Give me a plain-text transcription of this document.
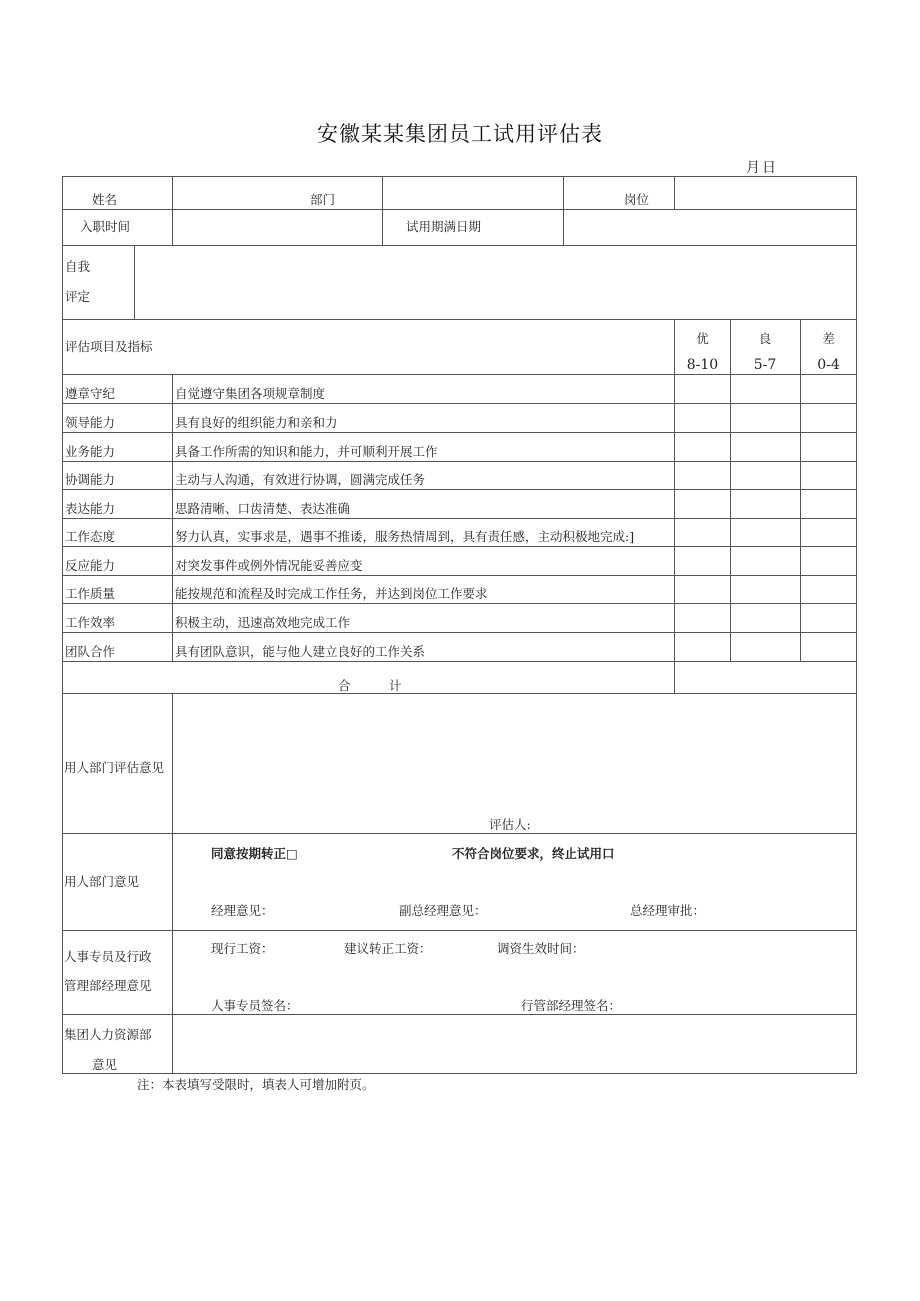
安徽某某集团员工试用评估表
月日
姓名	部门	岗位
入职时间	试用期满日期
自我
评定
评估项目及指标
优	良	差
8-10	5-7	0-4
遵章守纪	自觉遵守集团各项规章制度
领导能力	具有良好的组织能力和亲和力
业务能力	具备工作所需的知识和能力，并可顺利开展工作
协调能力	主动与人沟通，有效进行协调，圆满完成任务
表达能力	思路清晰、口齿清楚、表达准确
工作态度	努力认真，实事求是，遇事不推诿，服务热情周到，具有责任感，主动积极地完成:]
反应能力	对突发事件或例外情况能妥善应变
工作质量	能按规范和流程及时完成工作任务，并达到岗位工作要求
工作效率	积极主动，迅速高效地完成工作
团队合作	具有团队意识，能与他人建立良好的工作关系
合	计
用人部门评估意见
评估人:
用人部门意见
同意按期转正□	不符合岗位要求，终止试用口
经理意见：	副总经理意见：	总经理审批：
人事专员及行政
管理部经理意见
现行工资：	建议转正工资：	调资生效时间：
人事专员签名：	行管部经理签名：
集团人力资源部
意见
注：本表填写受限时，填表人可增加附页。
